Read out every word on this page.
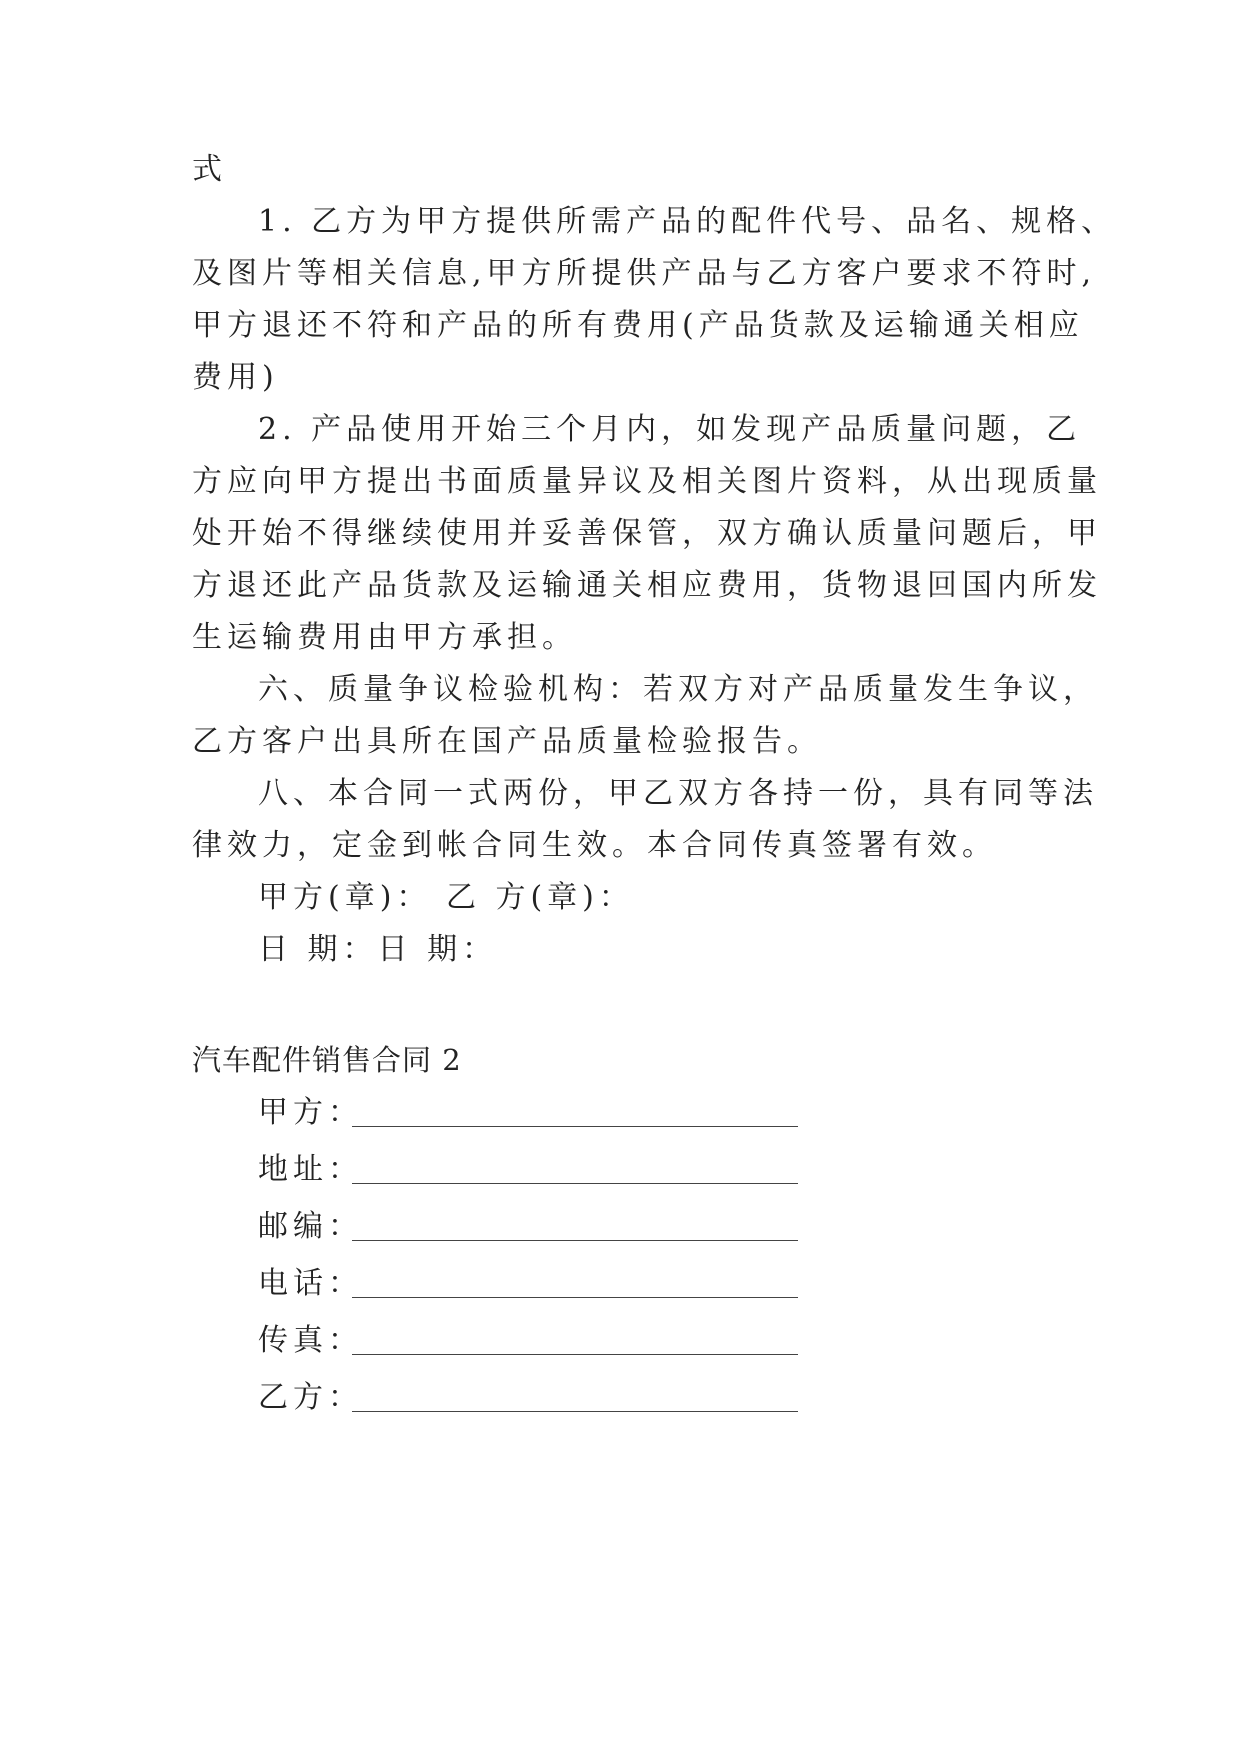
式
1. 乙方为甲方提供所需产品的配件代号、品名、规格、
及图片等相关信息,甲方所提供产品与乙方客户要求不符时,
甲方退还不符和产品的所有费用(产品货款及运输通关相应
费用)
2. 产品使用开始三个月内，如发现产品质量问题，乙
方应向甲方提出书面质量异议及相关图片资料，从出现质量
处开始不得继续使用并妥善保管，双方确认质量问题后，甲
方退还此产品货款及运输通关相应费用，货物退回国内所发
生运输费用由甲方承担。
六、质量争议检验机构：若双方对产品质量发生争议，
乙方客户出具所在国产品质量检验报告。
八、本合同一式两份，甲乙双方各持一份，具有同等法
律效力，定金到帐合同生效。本合同传真签署有效。
甲方(章)： 乙 方(章)：
日 期：日 期：
汽车配件销售合同 2
甲方：
地址：
邮编：
电话：
传真：
乙方：
